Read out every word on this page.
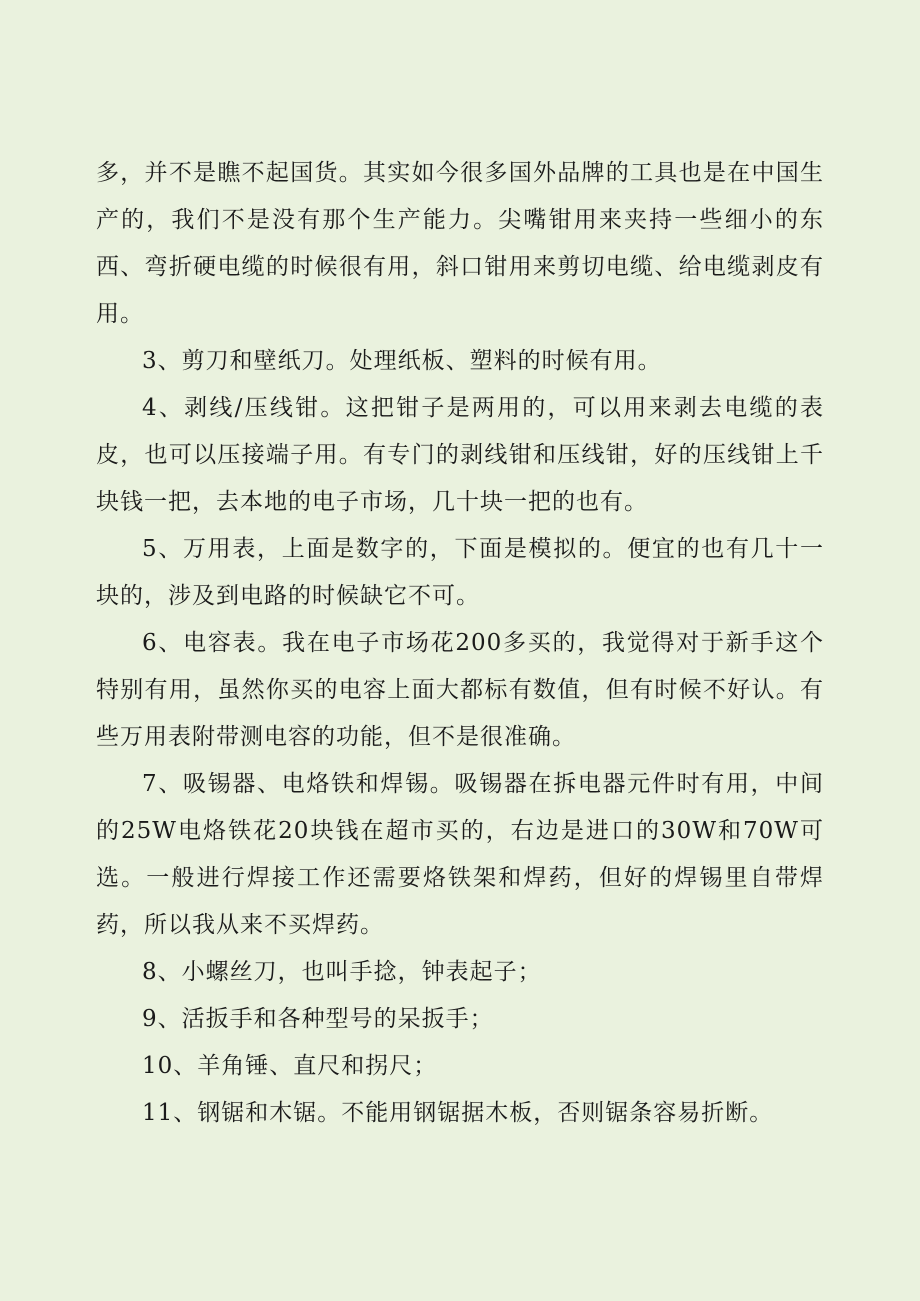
多，并不是瞧不起国货。其实如今很多国外品牌的工具也是在中国生产的，我们不是没有那个生产能力。尖嘴钳用来夹持一些细小的东西、弯折硬电缆的时候很有用，斜口钳用来剪切电缆、给电缆剥皮有用。

3、剪刀和壁纸刀。处理纸板、塑料的时候有用。

4、剥线/压线钳。这把钳子是两用的，可以用来剥去电缆的表皮，也可以压接端子用。有专门的剥线钳和压线钳，好的压线钳上千块钱一把，去本地的电子市场，几十块一把的也有。

5、万用表，上面是数字的，下面是模拟的。便宜的也有几十一块的，涉及到电路的时候缺它不可。

6、电容表。我在电子市场花200多买的，我觉得对于新手这个特别有用，虽然你买的电容上面大都标有数值，但有时候不好认。有些万用表附带测电容的功能，但不是很准确。

7、吸锡器、电烙铁和焊锡。吸锡器在拆电器元件时有用，中间的25W电烙铁花20块钱在超市买的，右边是进口的30W和70W可选。一般进行焊接工作还需要烙铁架和焊药，但好的焊锡里自带焊药，所以我从来不买焊药。

8、小螺丝刀，也叫手捻，钟表起子；

9、活扳手和各种型号的呆扳手；

10、羊角锤、直尺和拐尺；

11、钢锯和木锯。不能用钢锯据木板，否则锯条容易折断。
